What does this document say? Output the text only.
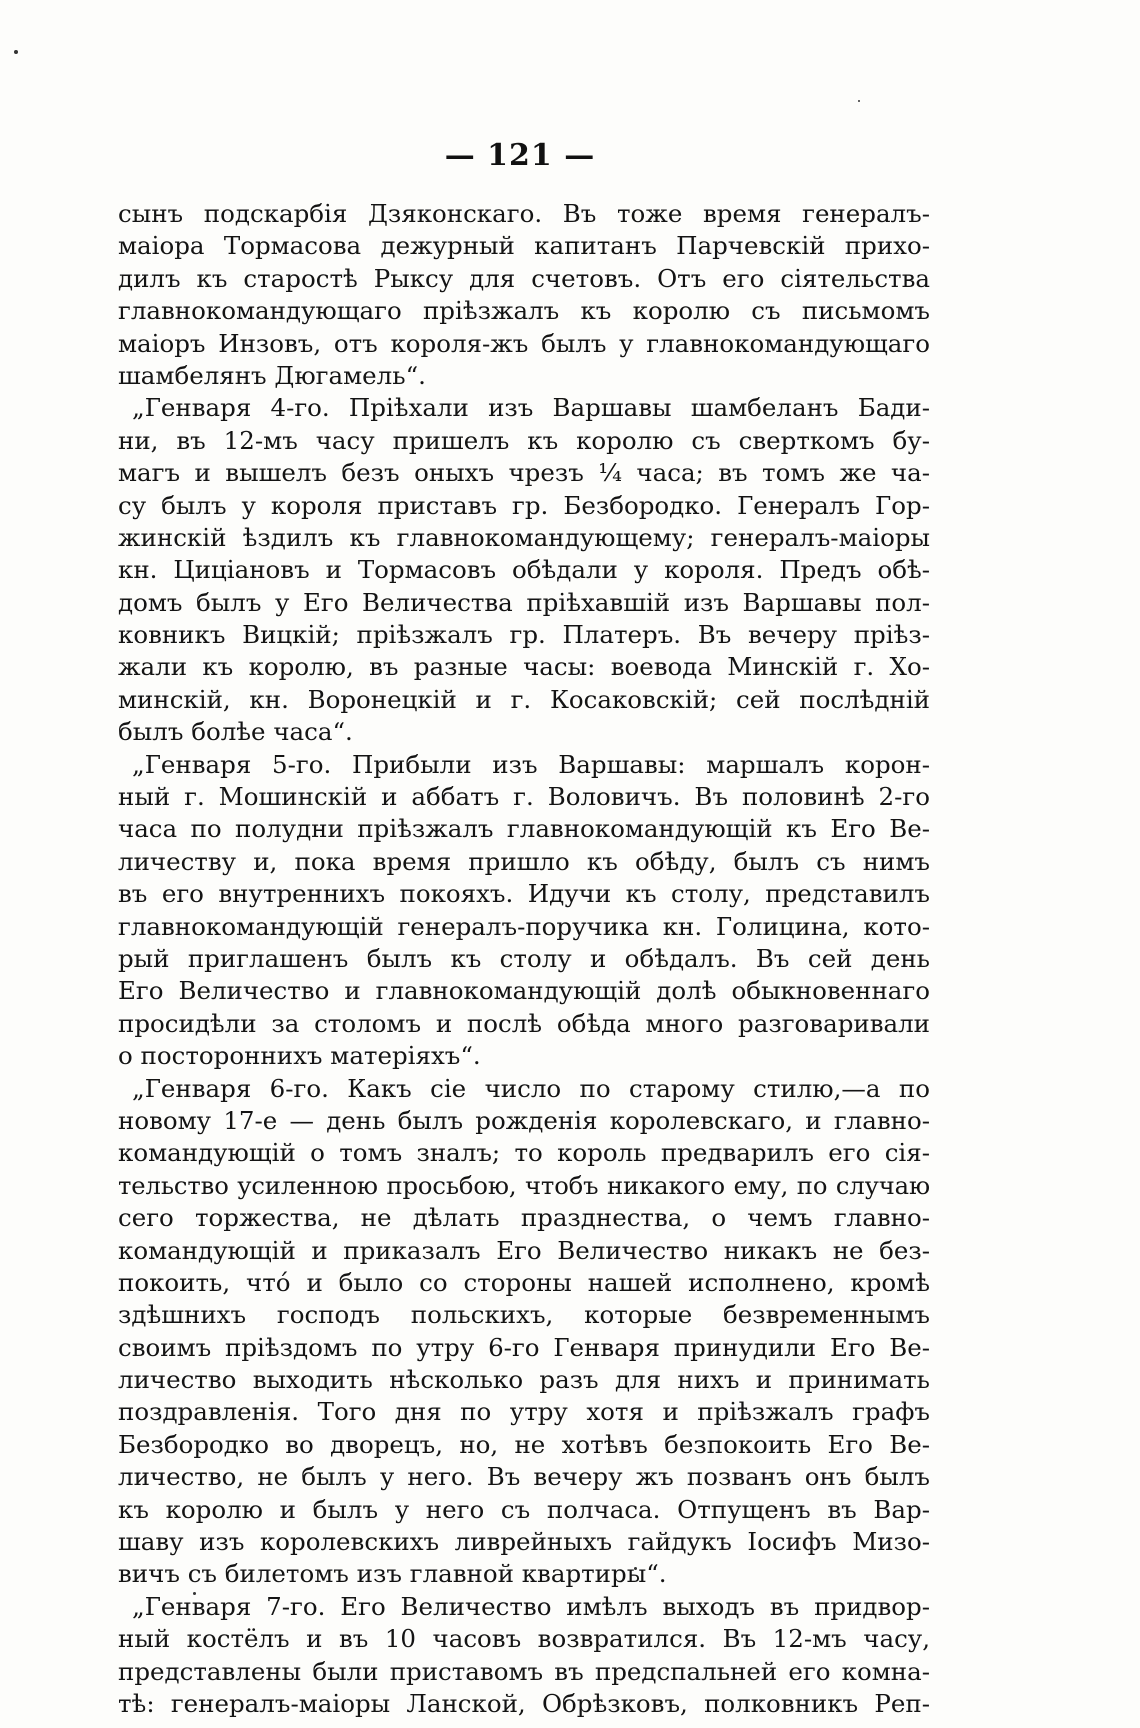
— 121 —
сынъ подскарбія Дзяконскаго. Въ тоже время генералъ-
маіора Тормасова дежурный капитанъ Парчевскій прихо-
дилъ къ старостѣ Рыксу для счетовъ. Отъ его сіятельства
главнокомандующаго пріѣзжалъ къ королю съ письмомъ
маіоръ Инзовъ, отъ короля-жъ былъ у главнокомандующаго
шамбелянъ Дюгамель“.
„Генваря 4-го. Пріѣхали изъ Варшавы шамбеланъ Бади-
ни, въ 12-мъ часу пришелъ къ королю съ сверткомъ бу-
магъ и вышелъ безъ оныхъ чрезъ ¼ часа; въ томъ же ча-
су былъ у короля приставъ гр. Безбородко. Генералъ Гор-
жинскій ѣздилъ къ главнокомандующему; генералъ-маіоры
кн. Циціановъ и Тормасовъ обѣдали у короля. Предъ обѣ-
домъ былъ у Его Величества пріѣхавшій изъ Варшавы пол-
ковникъ Вицкій; пріѣзжалъ гр. Платеръ. Въ вечеру пріѣз-
жали къ королю, въ разные часы: воевода Минскій г. Хо-
минскій, кн. Воронецкій и г. Косаковскій; сей послѣдній
былъ болѣе часа“.
„Генваря 5-го. Прибыли изъ Варшавы: маршалъ корон-
ный г. Мошинскій и аббатъ г. Воловичъ. Въ половинѣ 2-го
часа по полудни пріѣзжалъ главнокомандующій къ Его Ве-
личеству и, пока время пришло къ обѣду, былъ съ нимъ
въ его внутреннихъ покояхъ. Идучи къ столу, представилъ
главнокомандующій генералъ-поручика кн. Голицина, кото-
рый приглашенъ былъ къ столу и обѣдалъ. Въ сей день
Его Величество и главнокомандующій долѣ обыкновеннаго
просидѣли за столомъ и послѣ обѣда много разговаривали
о постороннихъ матеріяхъ“.
„Генваря 6-го. Какъ сіе число по старому стилю,—а по
новому 17-е — день былъ рожденія королевскаго, и главно-
командующій о томъ зналъ; то король предварилъ его сія-
тельство усиленною просьбою, чтобъ никакого ему, по случаю
сего торжества, не дѣлать празднества, о чемъ главно-
командующій и приказалъ Его Величество никакъ не без-
покоить, что́ и было со стороны нашей исполнено, кромѣ
здѣшнихъ господъ польскихъ, которые безвременнымъ
своимъ пріѣздомъ по утру 6-го Генваря принудили Его Ве-
личество выходить нѣсколько разъ для нихъ и принимать
поздравленія. Того дня по утру хотя и пріѣзжалъ графъ
Безбородко во дворецъ, но, не хотѣвъ безпокоить Его Ве-
личество, не былъ у него. Въ вечеру жъ позванъ онъ былъ
къ королю и былъ у него съ полчаса. Отпущенъ въ Вар-
шаву изъ королевскихъ ливрейныхъ гайдукъ Іосифъ Мизо-
вичъ съ билетомъ изъ главной квартиры“.
„Генваря 7-го. Его Величество имѣлъ выходъ въ придвор-
ный костёлъ и въ 10 часовъ возвратился. Въ 12-мъ часу,
представлены были приставомъ въ предспальней его комна-
тѣ: генералъ-маіоры Ланской, Обрѣзковъ, полковникъ Реп-
